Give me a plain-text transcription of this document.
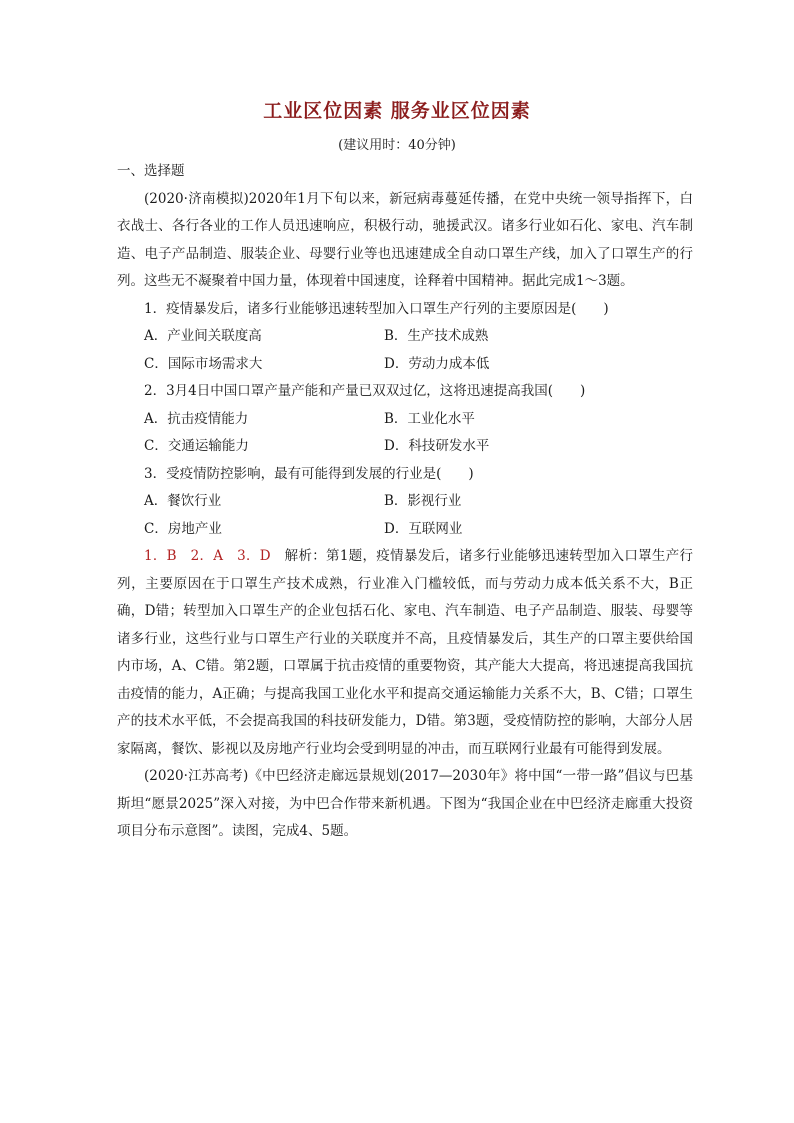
工业区位因素 服务业区位因素
(建议用时：40分钟)

一、选择题

(2020·济南模拟)2020年1月下旬以来，新冠病毒蔓延传播，在党中央统一领导指挥下，白衣战士、各行各业的工作人员迅速响应，积极行动，驰援武汉。诸多行业如石化、家电、汽车制造、电子产品制造、服装企业、母婴行业等也迅速建成全自动口罩生产线，加入了口罩生产的行列。这些无不凝聚着中国力量，体现着中国速度，诠释着中国精神。据此完成1～3题。

1．疫情暴发后，诸多行业能够迅速转型加入口罩生产行列的主要原因是(　　)

A．产业间关联度高	B．生产技术成熟
C．国际市场需求大	D．劳动力成本低

2．3月4日中国口罩产量产能和产量已双双过亿，这将迅速提高我国(　　)

A．抗击疫情能力	B．工业化水平
C．交通运输能力	D．科技研发水平

3．受疫情防控影响，最有可能得到发展的行业是(　　)

A．餐饮行业	B．影视行业
C．房地产业	D．互联网业

1．B　2．A　3．D　解析：第1题，疫情暴发后，诸多行业能够迅速转型加入口罩生产行列，主要原因在于口罩生产技术成熟，行业准入门槛较低，而与劳动力成本低关系不大，B正确，D错；转型加入口罩生产的企业包括石化、家电、汽车制造、电子产品制造、服装、母婴等诸多行业，这些行业与口罩生产行业的关联度并不高，且疫情暴发后，其生产的口罩主要供给国内市场，A、C错。第2题，口罩属于抗击疫情的重要物资，其产能大大提高，将迅速提高我国抗击疫情的能力，A正确；与提高我国工业化水平和提高交通运输能力关系不大，B、C错；口罩生产的技术水平低，不会提高我国的科技研发能力，D错。第3题，受疫情防控的影响，大部分人居家隔离，餐饮、影视以及房地产行业均会受到明显的冲击，而互联网行业最有可能得到发展。

(2020·江苏高考)《中巴经济走廊远景规划(2017—2030年》将中国“一带一路”倡议与巴基斯坦“愿景2025”深入对接，为中巴合作带来新机遇。下图为“我国企业在中巴经济走廊重大投资项目分布示意图”。读图，完成4、5题。
